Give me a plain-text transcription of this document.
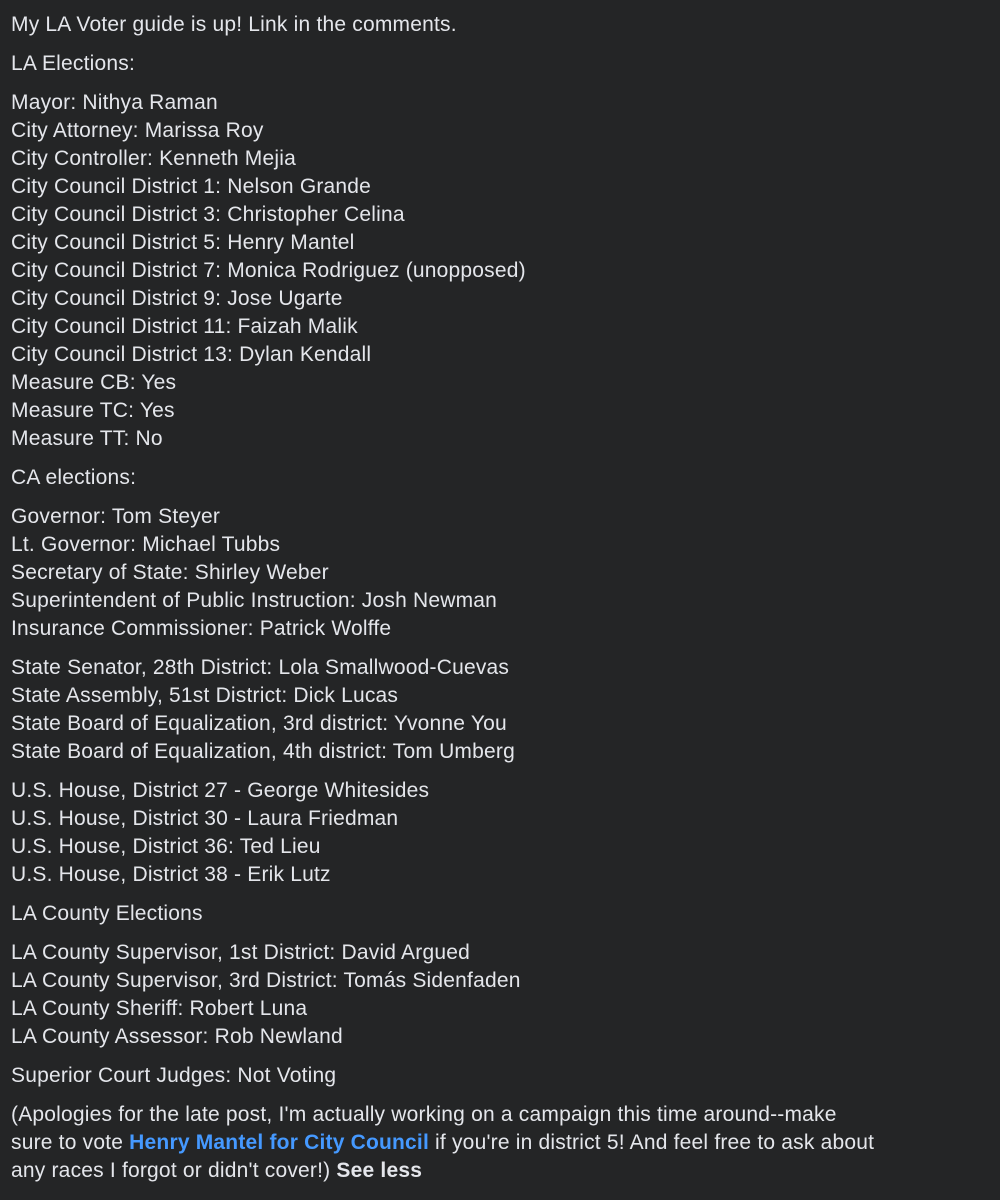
My LA Voter guide is up! Link in the comments.

LA Elections:

Mayor: Nithya Raman
City Attorney: Marissa Roy
City Controller: Kenneth Mejia
City Council District 1: Nelson Grande
City Council District 3: Christopher Celina
City Council District 5: Henry Mantel
City Council District 7: Monica Rodriguez (unopposed)
City Council District 9: Jose Ugarte
City Council District 11: Faizah Malik
City Council District 13: Dylan Kendall
Measure CB: Yes
Measure TC: Yes
Measure TT: No

CA elections:

Governor: Tom Steyer
Lt. Governor: Michael Tubbs
Secretary of State: Shirley Weber
Superintendent of Public Instruction: Josh Newman
Insurance Commissioner: Patrick Wolffe

State Senator, 28th District: Lola Smallwood-Cuevas
State Assembly, 51st District: Dick Lucas
State Board of Equalization, 3rd district: Yvonne You
State Board of Equalization, 4th district: Tom Umberg

U.S. House, District 27 - George Whitesides
U.S. House, District 30 - Laura Friedman
U.S. House, District 36: Ted Lieu
U.S. House, District 38 - Erik Lutz

LA County Elections

LA County Supervisor, 1st District: David Argued
LA County Supervisor, 3rd District: Tomás Sidenfaden
LA County Sheriff: Robert Luna
LA County Assessor: Rob Newland

Superior Court Judges: Not Voting

(Apologies for the late post, I'm actually working on a campaign this time around--make
sure to vote Henry Mantel for City Council if you're in district 5! And feel free to ask about
any races I forgot or didn't cover!) See less
